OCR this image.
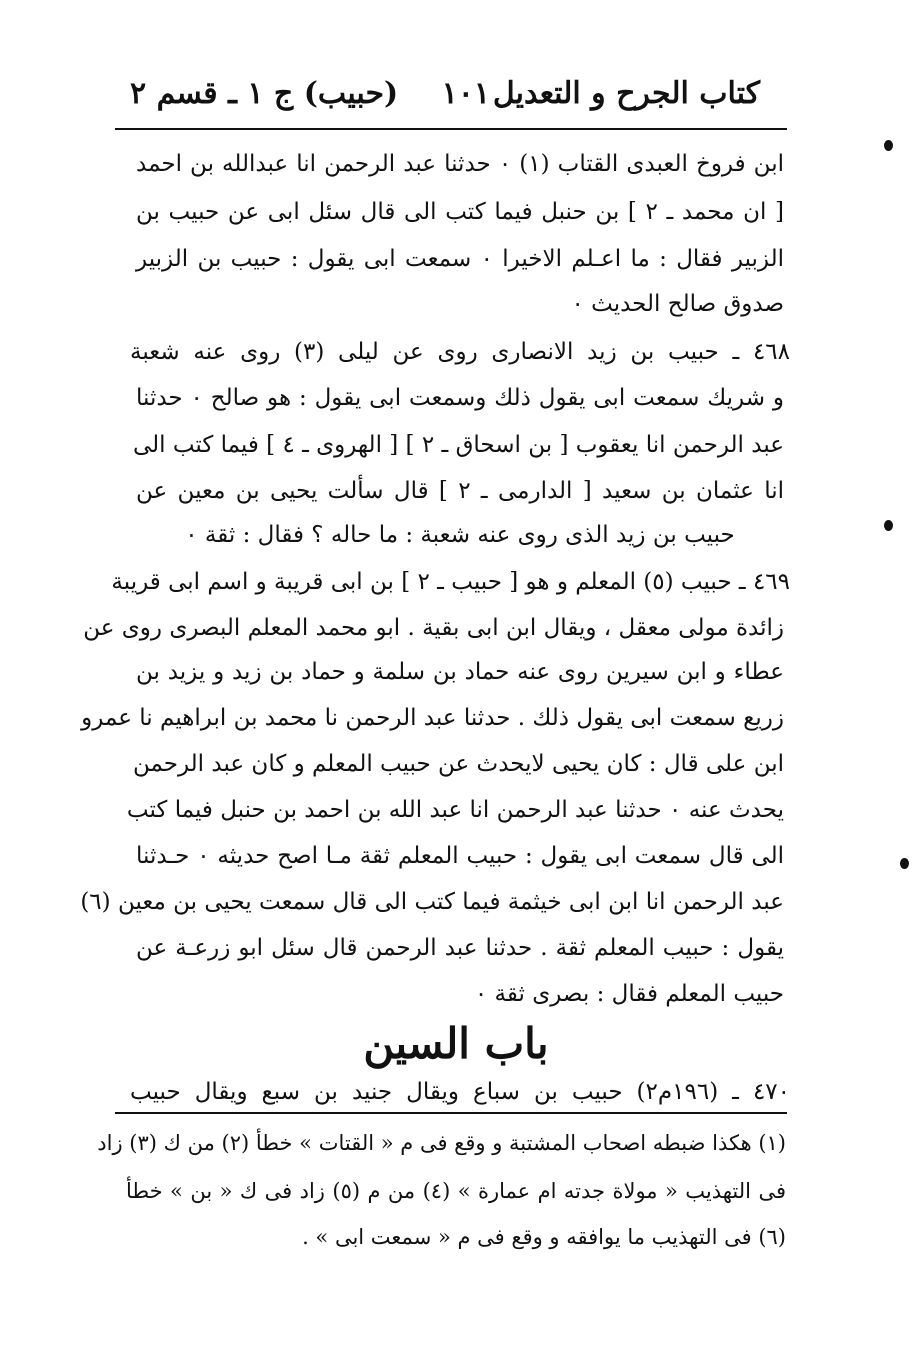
كتاب الجرح و التعديل
١٠١
(حبيب) ج ١ ـ قسم ٢
ابن فروخ العبدى القتاب (١) ٠ حدثنا عبد الرحمن انا عبدالله بن احمد
[ ان محمد ـ ٢ ] بن حنبل فيما كتب الى قال سئل ابى عن حبيب بن
الزبير فقال : ما اعـلم الاخيرا ٠ سمعت ابى يقول : حبيب بن الزبير
صدوق صالح الحديث ٠
٤٦٨ ـ حبيب بن زيد الانصارى روى عن ليلى (٣) روى عنه شعبة
و شريك سمعت ابى يقول ذلك وسمعت ابى يقول : هو صالح ٠ حدثنا
عبد الرحمن انا يعقوب [ بن اسحاق ـ ٢ ] [ الهروى ـ ٤ ] فيما كتب الى
انا عثمان بن سعيد [ الدارمى ـ ٢ ] قال سألت يحيى بن معين عن
حبيب بن زيد الذى روى عنه شعبة : ما حاله ؟ فقال : ثقة ٠
٤٦٩ ـ حبيب (٥) المعلم و هو [ حبيب ـ ٢ ] بن ابى قريبة و اسم ابى قريبة
زائدة مولى معقل ، ويقال ابن ابى بقية . ابو محمد المعلم البصرى روى عن
عطاء و ابن سيرين روى عنه حماد بن سلمة و حماد بن زيد و يزيد بن
زريع سمعت ابى يقول ذلك . حدثنا عبد الرحمن نا محمد بن ابراهيم نا عمرو
ابن على قال : كان يحيى لايحدث عن حبيب المعلم و كان عبد الرحمن
يحدث عنه ٠ حدثنا عبد الرحمن انا عبد الله بن احمد بن حنبل فيما كتب
الى قال سمعت ابى يقول : حبيب المعلم ثقة مـا اصح حديثه ٠ حـدثنا
عبد الرحمن انا ابن ابى خيثمة فيما كتب الى قال سمعت يحيى بن معين (٦)
يقول : حبيب المعلم ثقة . حدثنا عبد الرحمن قال سئل ابو زرعـة عن
حبيب المعلم فقال : بصرى ثقة ٠
باب السين
٤٧٠ ـ (١٩٦م٢) حبيب بن سباع ويقال جنيد بن سبع ويقال حبيب
(١) هكذا ضبطه اصحاب المشتبة و وقع فى م « القتات » خطأ (٢) من ك (٣) زاد
فى التهذيب « مولاة جدته ام عمارة » (٤) من م (٥) زاد فى ك « بن » خطأ
(٦) فى التهذيب ما يوافقه و وقع فى م « سمعت ابى » .
